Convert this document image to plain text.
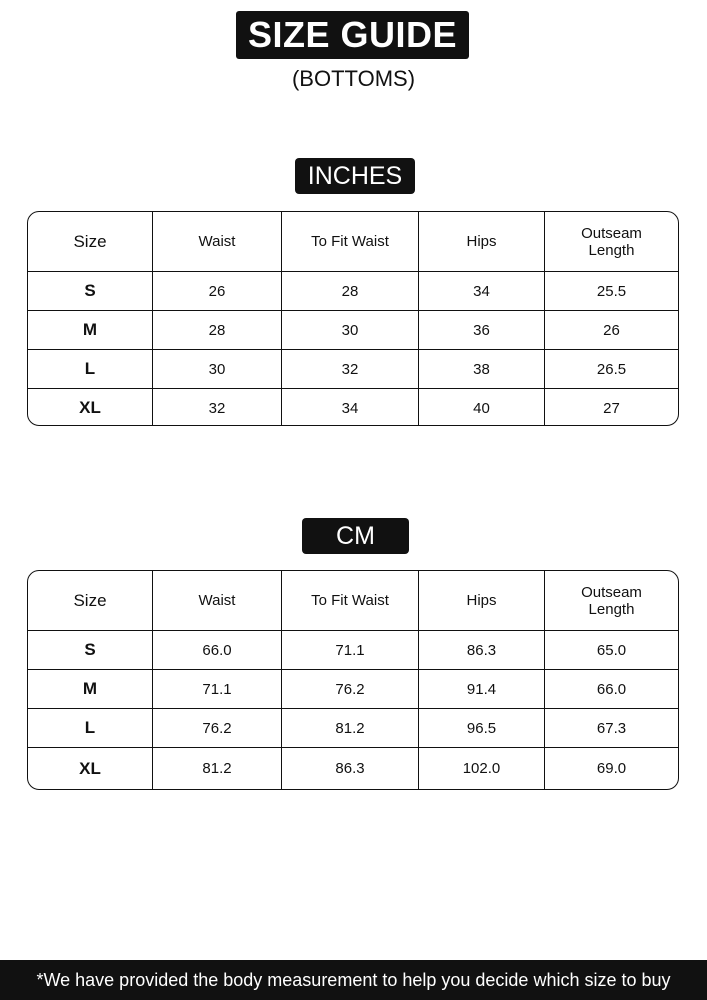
SIZE GUIDE
(BOTTOMS)
INCHES
Size	Waist	To Fit Waist	Hips	Outseam
Length
S	26	28	34	25.5
M	28	30	36	26
L	30	32	38	26.5
XL	32	34	40	27
CM
Size	Waist	To Fit Waist	Hips	Outseam
Length
S	66.0	71.1	86.3	65.0
M	71.1	76.2	91.4	66.0
L	76.2	81.2	96.5	67.3
XL	81.2	86.3	102.0	69.0
*We have provided the body measurement to help you decide which size to buy
